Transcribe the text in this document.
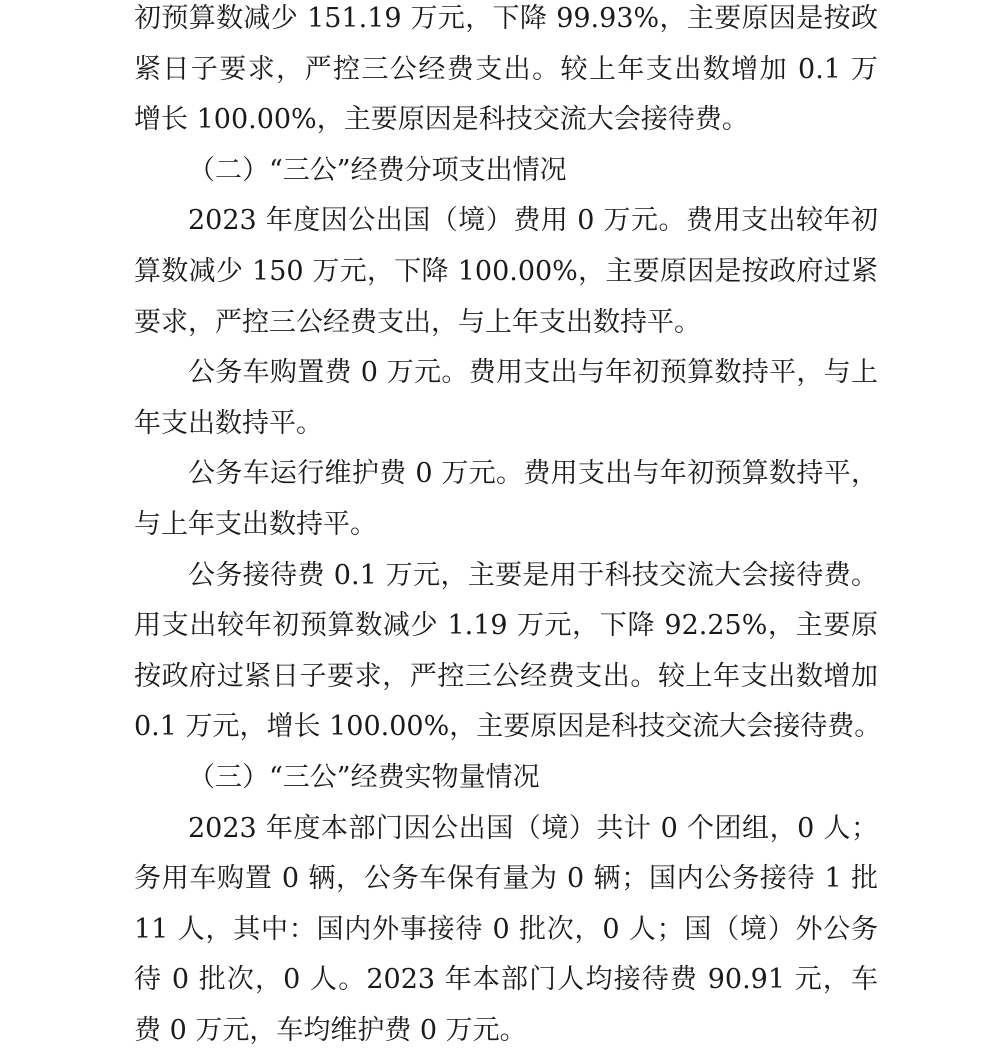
初预算数减少 151.19 万元，下降 99.93%，主要原因是按政
紧日子要求，严控三公经费支出。较上年支出数增加 0.1 万
增长 100.00%，主要原因是科技交流大会接待费。
（二）“三公”经费分项支出情况
2023 年度因公出国（境）费用 0 万元。费用支出较年初
算数减少 150 万元，下降 100.00%，主要原因是按政府过紧
要求，严控三公经费支出，与上年支出数持平。
公务车购置费 0 万元。费用支出与年初预算数持平，与上
年支出数持平。
公务车运行维护费 0 万元。费用支出与年初预算数持平，
与上年支出数持平。
公务接待费 0.1 万元，主要是用于科技交流大会接待费。
用支出较年初预算数减少 1.19 万元，下降 92.25%，主要原
按政府过紧日子要求，严控三公经费支出。较上年支出数增加
0.1 万元，增长 100.00%，主要原因是科技交流大会接待费。
（三）“三公”经费实物量情况
2023 年度本部门因公出国（境）共计 0 个团组，0 人；
务用车购置 0 辆，公务车保有量为 0 辆；国内公务接待 1 批
11 人，其中：国内外事接待 0 批次，0 人；国（境）外公务
待 0 批次，0 人。2023 年本部门人均接待费 90.91 元，车
费 0 万元，车均维护费 0 万元。
